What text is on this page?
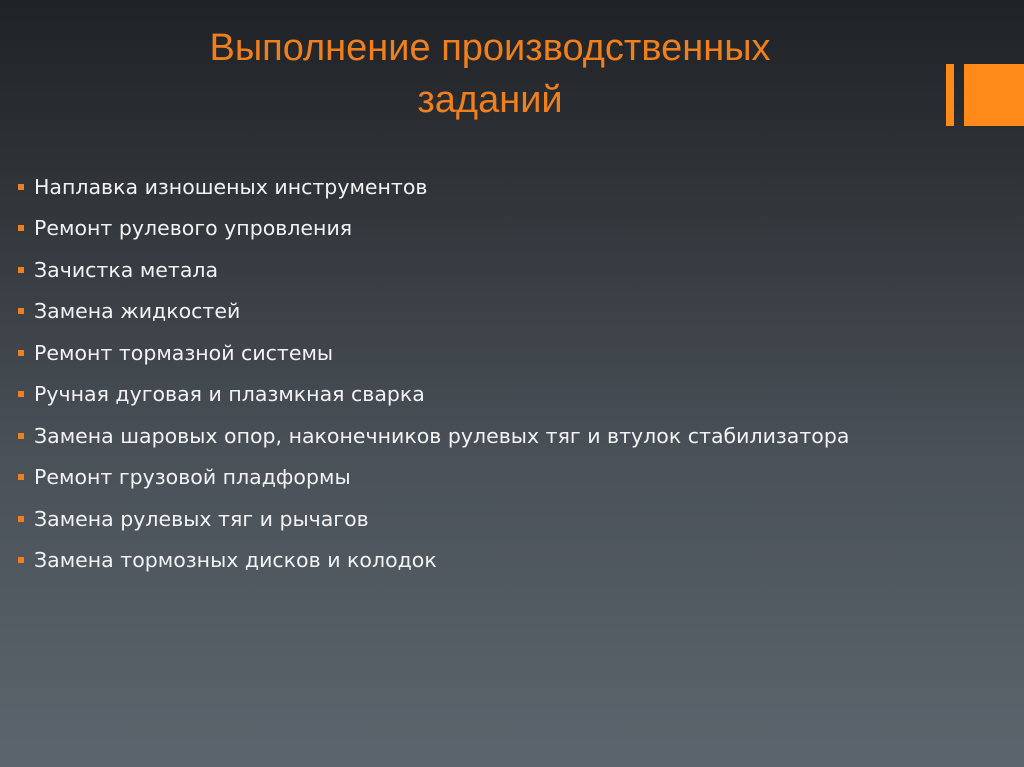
Выполнение производственных
заданий
Наплавка изношеных инструментов
Ремонт рулевого упровления
Зачистка метала
Замена жидкостей
Ремонт тормазной системы
Ручная дуговая и плазмкная сварка
Замена шаровых опор, наконечников рулевых тяг и втулок стабилизатора
Ремонт грузовой пладформы
Замена рулевых тяг и рычагов
Замена тормозных дисков и колодок
